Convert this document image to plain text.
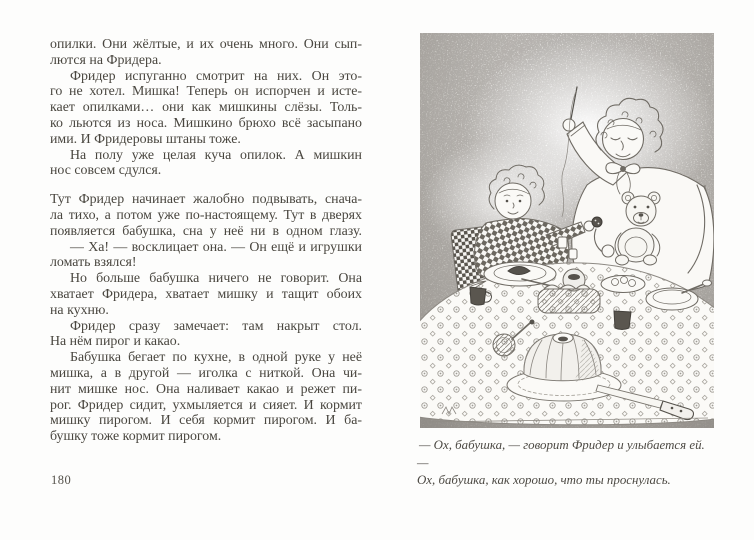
опилки. Они жёлтые, и их очень много. Они сып-
лются на Фридера.
Фридер испуганно смотрит на них. Он это-
го не хотел. Мишка! Теперь он испорчен и исте-
кает опилками… они как мишкины слёзы. Толь-
ко льются из носа. Мишкино брюхо всё засыпано
ими. И Фридеровы штаны тоже.
На полу уже целая куча опилок. А мишкин
нос совсем сдулся.
Тут Фридер начинает жалобно подвывать, снача-
ла тихо, а потом уже по-настоящему. Тут в дверях
появляется бабушка, сна у неё ни в одном глазу.
— Ха! — восклицает она. — Он ещё и игрушки
ломать взялся!
Но больше бабушка ничего не говорит. Она
хватает Фридера, хватает мишку и тащит обоих
на кухню.
Фридер сразу замечает: там накрыт стол.
На нём пирог и какао.
Бабушка бегает по кухне, в одной руке у неё
мишка, а в другой — иголка с ниткой. Она чи-
нит мишке нос. Она наливает какао и режет пи-
рог. Фридер сидит, ухмыляется и сияет. И кормит
мишку пирогом. И себя кормит пирогом. И ба-
бушку тоже кормит пирогом.
180
— Ох, бабушка, — говорит Фридер и улыбается ей. —
Ох, бабушка, как хорошо, что ты проснулась.
